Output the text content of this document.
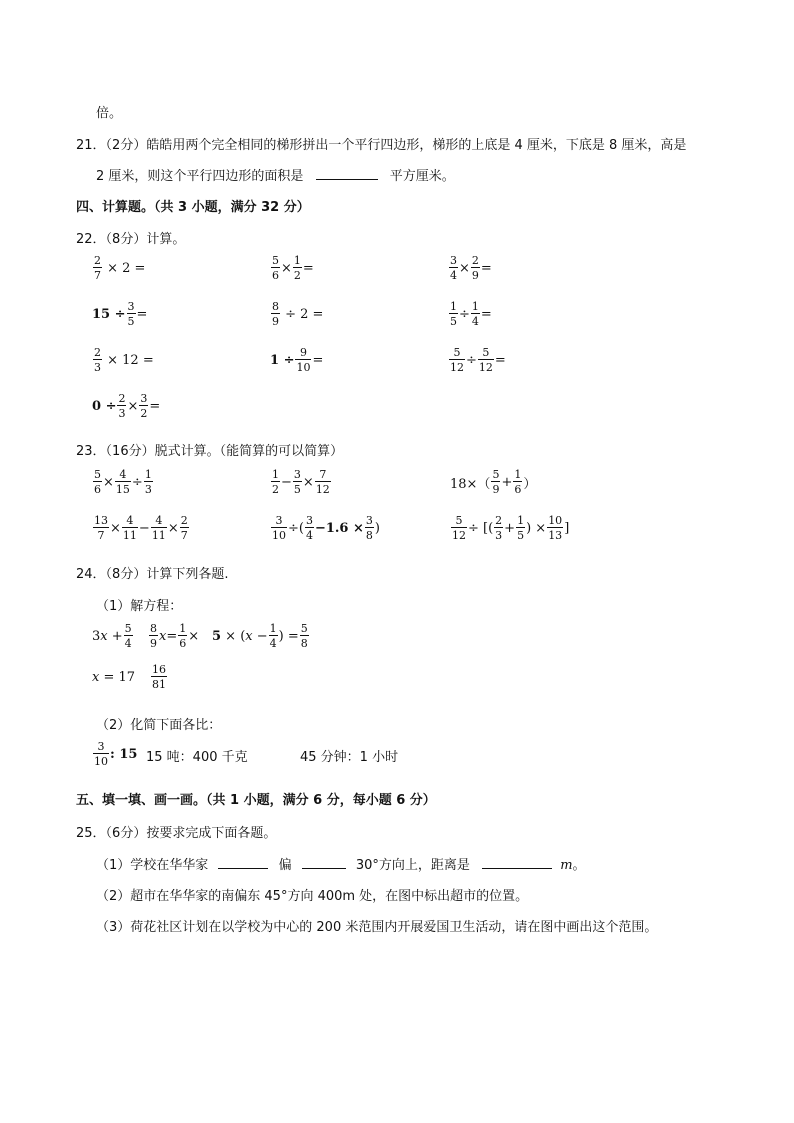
倍。
21．（2分）皓皓用两个完全相同的梯形拼出一个平行四边形，梯形的上底是 4 厘米，下底是 8 厘米，高是
2 厘米，则这个平行四边形的面积是	平方厘米。
四、计算题。（共 3 小题，满分 32 分）
22．（8分）计算。
$\frac{2}{7} \times 2$ =	$\frac{5}{6} \times \frac{1}{2}$ =	$\frac{3}{4} \times \frac{2}{9}$ =
$15 \div \frac{3}{5}$ =	$\frac{8}{9} \div 2$ =	$\frac{1}{5} \div \frac{1}{4}$ =
$\frac{2}{3} \times 12$ =	$1 \div \frac{9}{10}$ =	$\frac{5}{12} \div \frac{5}{12}$ =
$0 \div \frac{2}{3} \times \frac{3}{2}$ =
23．（16分）脱式计算。（能简算的可以简算）
$\frac{5}{6} \times \frac{4}{15} \div \frac{1}{3}$	$\frac{1}{2} - \frac{3}{5} \times \frac{7}{12}$	$18\times( \frac{5}{9} + \frac{1}{6}$ ）
$\frac{13}{7} \times \frac{4}{11} - \frac{4}{11} \times \frac{2}{7}$	$\frac{3}{10}$ ÷( $\frac{3}{4} -1.6 \times \frac{3}{8}$ )	$\frac{5}{12}$ ÷ [( $\frac{2}{3} + \frac{1}{5}$ ) × $\frac{10}{13}$ ]
24．（8分）计算下列各题.
（1）解方程：
3 $x + \frac{5}{4} \frac{8}{9}$ $x = \frac{1}{6} \times 5$ × ( $x - \frac{1}{4}$ ) = $\frac{5}{8}$
$x = 17 \frac{16}{81}$
（2）化简下面各比：
$\frac{3}{10}$ : 15 15 吨：400 千克	45 分钟：1 小时
五、填一填、画一画。（共 1 小题，满分 6 分，每小题 6 分）
25．（6分）按要求完成下面各题。
（1）学校在华华家	偏	30°方向上，距离是	m。
（2）超市在华华家的南偏东 45°方向 400m 处，在图中标出超市的位置。
（3）荷花社区计划在以学校为中心的 200 米范围内开展爱国卫生活动，请在图中画出这个范围。
